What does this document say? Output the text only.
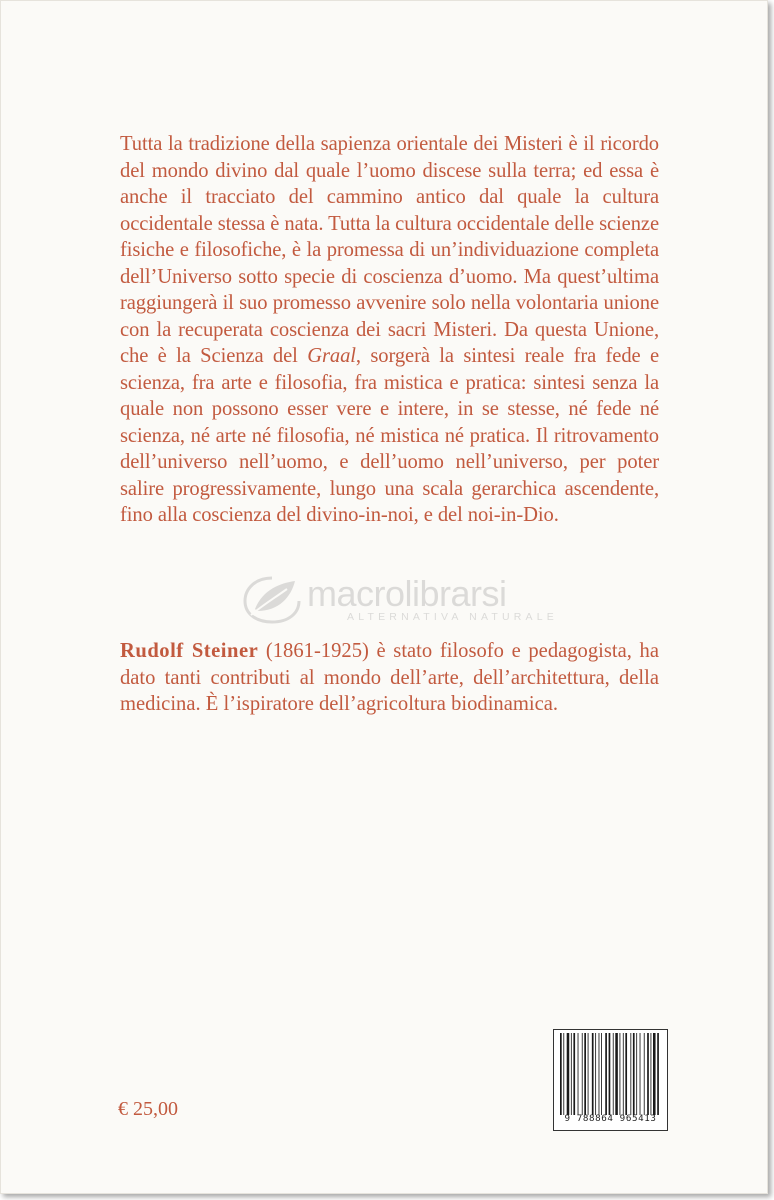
Tutta la tradizione della sapienza orientale dei Misteri è il ricordo del mondo divino dal quale l’uomo discese sulla terra; ed essa è anche il tracciato del cammino antico dal quale la cultura occidentale stessa è nata. Tutta la cultura occidentale delle scienze fisiche e filosofiche, è la promessa di un’individuazione completa dell’Universo sotto specie di coscienza d’uomo. Ma quest’ultima raggiungerà il suo promesso avvenire solo nella volontaria unione con la recuperata coscienza dei sacri Misteri. Da questa Unione, che è la Scienza del Graal, sorgerà la sintesi reale fra fede e scienza, fra arte e filosofia, fra mistica e pratica: sintesi senza la quale non possono esser vere e intere, in se stesse, né fede né scienza, né arte né filosofia, né mistica né pratica. Il ritrovamento dell’universo nell’uomo, e dell’uomo nell’universo, per poter salire progressivamente, lungo una scala gerarchica ascendente, fino alla coscienza del divino-in-noi, e del noi-in-Dio.

macrolibrarsi
ALTERNATIVA NATURALE

Rudolf Steiner (1861-1925) è stato filosofo e pedagogista, ha dato tanti contributi al mondo dell’arte, dell’architettura, della medicina. È l’ispiratore dell’agricoltura biodinamica.

€ 25,00	9 788864 965413
